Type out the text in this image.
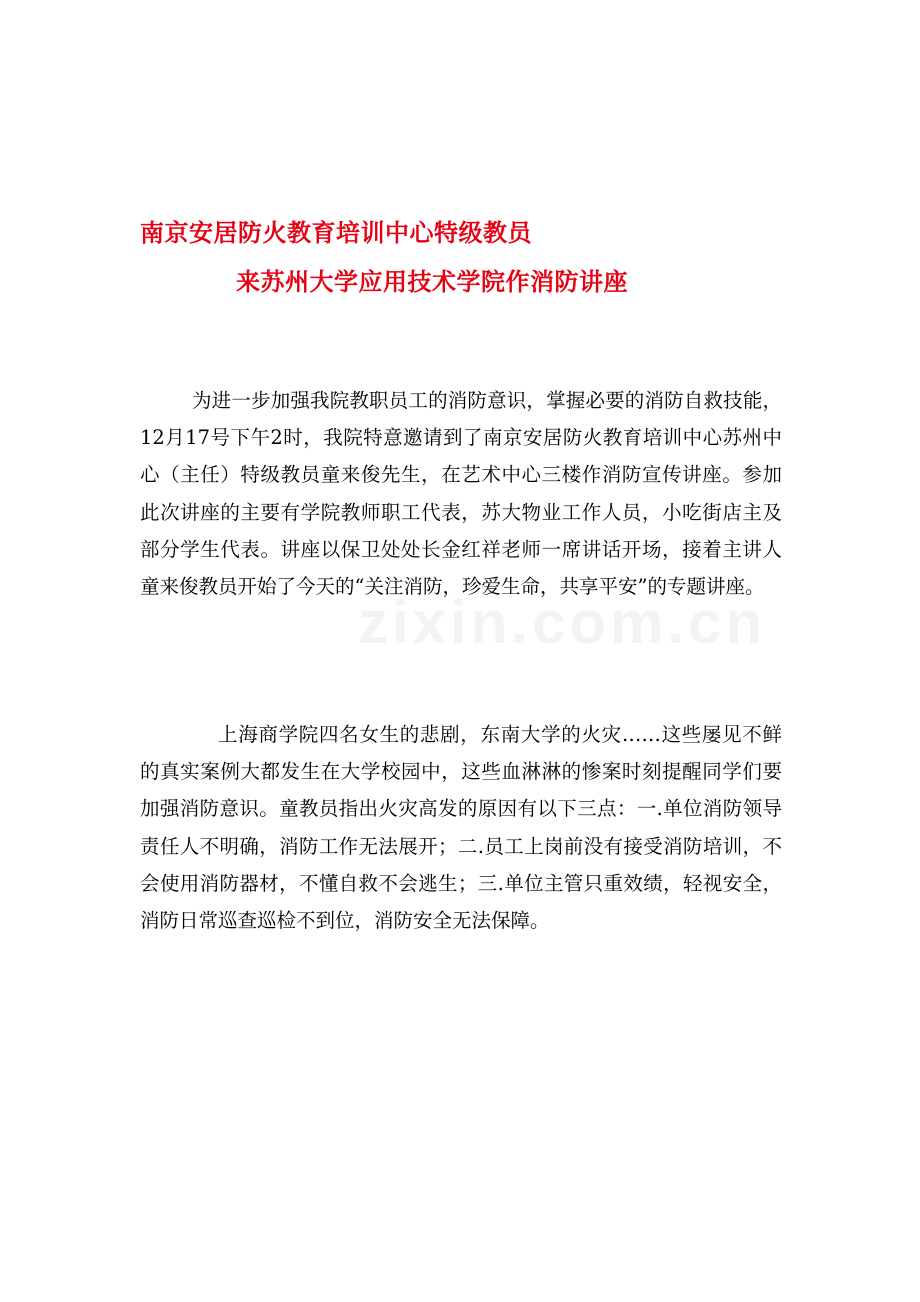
南京安居防火教育培训中心特级教员
来苏州大学应用技术学院作消防讲座

为进一步加强我院教职员工的消防意识，掌握必要的消防自救技能，12月17号下午2时，我院特意邀请到了南京安居防火教育培训中心苏州中心（主任）特级教员童来俊先生，在艺术中心三楼作消防宣传讲座。参加此次讲座的主要有学院教师职工代表，苏大物业工作人员，小吃街店主及部分学生代表。讲座以保卫处处长金红祥老师一席讲话开场，接着主讲人童来俊教员开始了今天的“关注消防，珍爱生命，共享平安”的专题讲座。

上海商学院四名女生的悲剧，东南大学的火灾……这些屡见不鲜的真实案例大都发生在大学校园中，这些血淋淋的惨案时刻提醒同学们要加强消防意识。童教员指出火灾高发的原因有以下三点：一.单位消防领导责任人不明确，消防工作无法展开；二.员工上岗前没有接受消防培训，不会使用消防器材，不懂自救不会逃生；三.单位主管只重效绩，轻视安全，消防日常巡查巡检不到位，消防安全无法保障。

zixin.com.cn
